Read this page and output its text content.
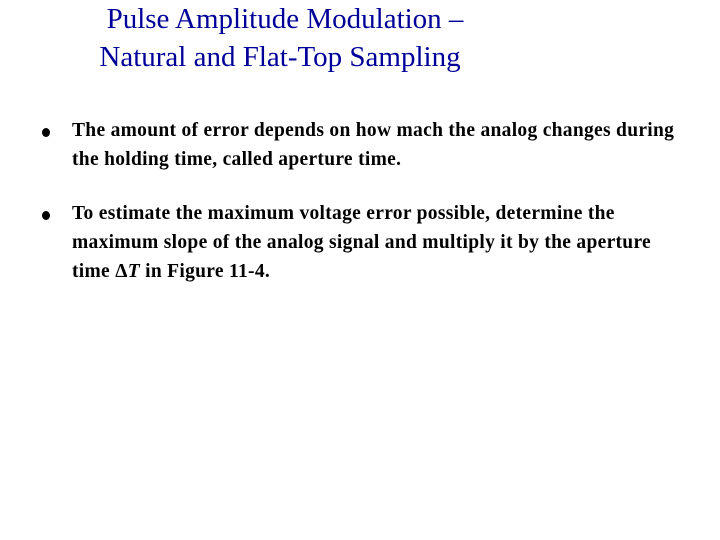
Pulse Amplitude Modulation –
Natural and Flat-Top Sampling
The amount of error depends on how mach the analog changes during the holding time, called aperture time.
To estimate the maximum voltage error possible, determine the maximum slope of the analog signal and multiply it by the aperture time ΔT in Figure 11-4.
